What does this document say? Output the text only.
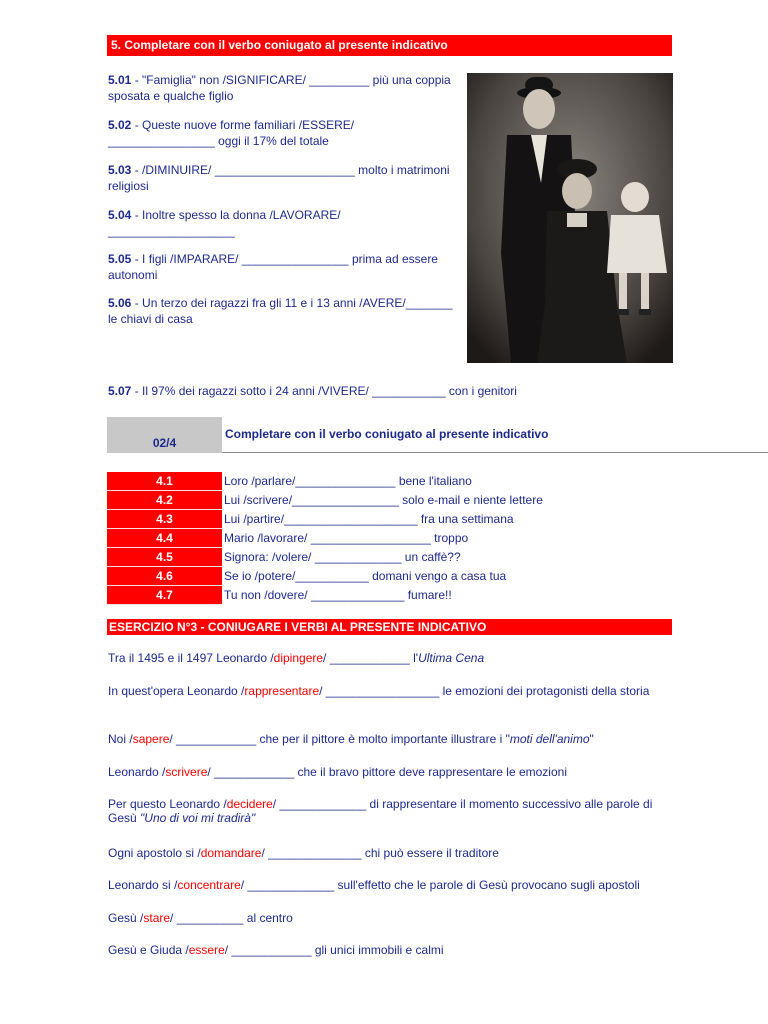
5. Completare con il verbo coniugato al presente indicativo
5.01 - "Famiglia" non /SIGNIFICARE/ _________ più una coppia sposata e qualche figlio
5.02 - Queste nuove forme familiari /ESSERE/ ________________ oggi il 17% del totale
5.03 - /DIMINUIRE/ _____________________ molto i matrimoni religiosi
5.04 - Inoltre spesso la donna /LAVORARE/ ___________________
5.05 - I figli /IMPARARE/ ________________ prima ad essere autonomi
5.06 - Un terzo dei ragazzi fra gli 11 e i 13 anni /AVERE/_______ le chiavi di casa
5.07 - Il 97% dei ragazzi sotto i 24 anni /VIVERE/ ___________ con i genitori
02/4
Completare con il verbo coniugato al presente indicativo
4.1	Loro /parlare/_______________ bene l'italiano
4.2	Lui /scrivere/________________ solo e-mail e niente lettere
4.3	Lui /partire/____________________ fra una settimana
4.4	Mario /lavorare/ __________________ troppo
4.5	Signora: /volere/ _____________ un caffè??
4.6	Se io /potere/___________ domani vengo a casa tua
4.7	Tu non /dovere/ ______________ fumare!!
ESERCIZIO N°3 - CONIUGARE I VERBI AL PRESENTE INDICATIVO
Tra il 1495 e il 1497 Leonardo /dipingere/ ____________ l'Ultima Cena
In quest'opera Leonardo /rappresentare/ _________________ le emozioni dei protagonisti della storia
Noi /sapere/ ____________ che per il pittore è molto importante illustrare i "moti dell'animo"
Leonardo /scrivere/ ____________ che il bravo pittore deve rappresentare le emozioni
Per questo Leonardo /decidere/ _____________ di rappresentare il momento successivo alle parole di Gesù "Uno di voi mi tradirà"
Ogni apostolo si /domandare/ ______________ chi può essere il traditore
Leonardo si /concentrare/ _____________ sull'effetto che le parole di Gesù provocano sugli apostoli
Gesù /stare/ __________ al centro
Gesù e Giuda /essere/ ____________ gli unici immobili e calmi
